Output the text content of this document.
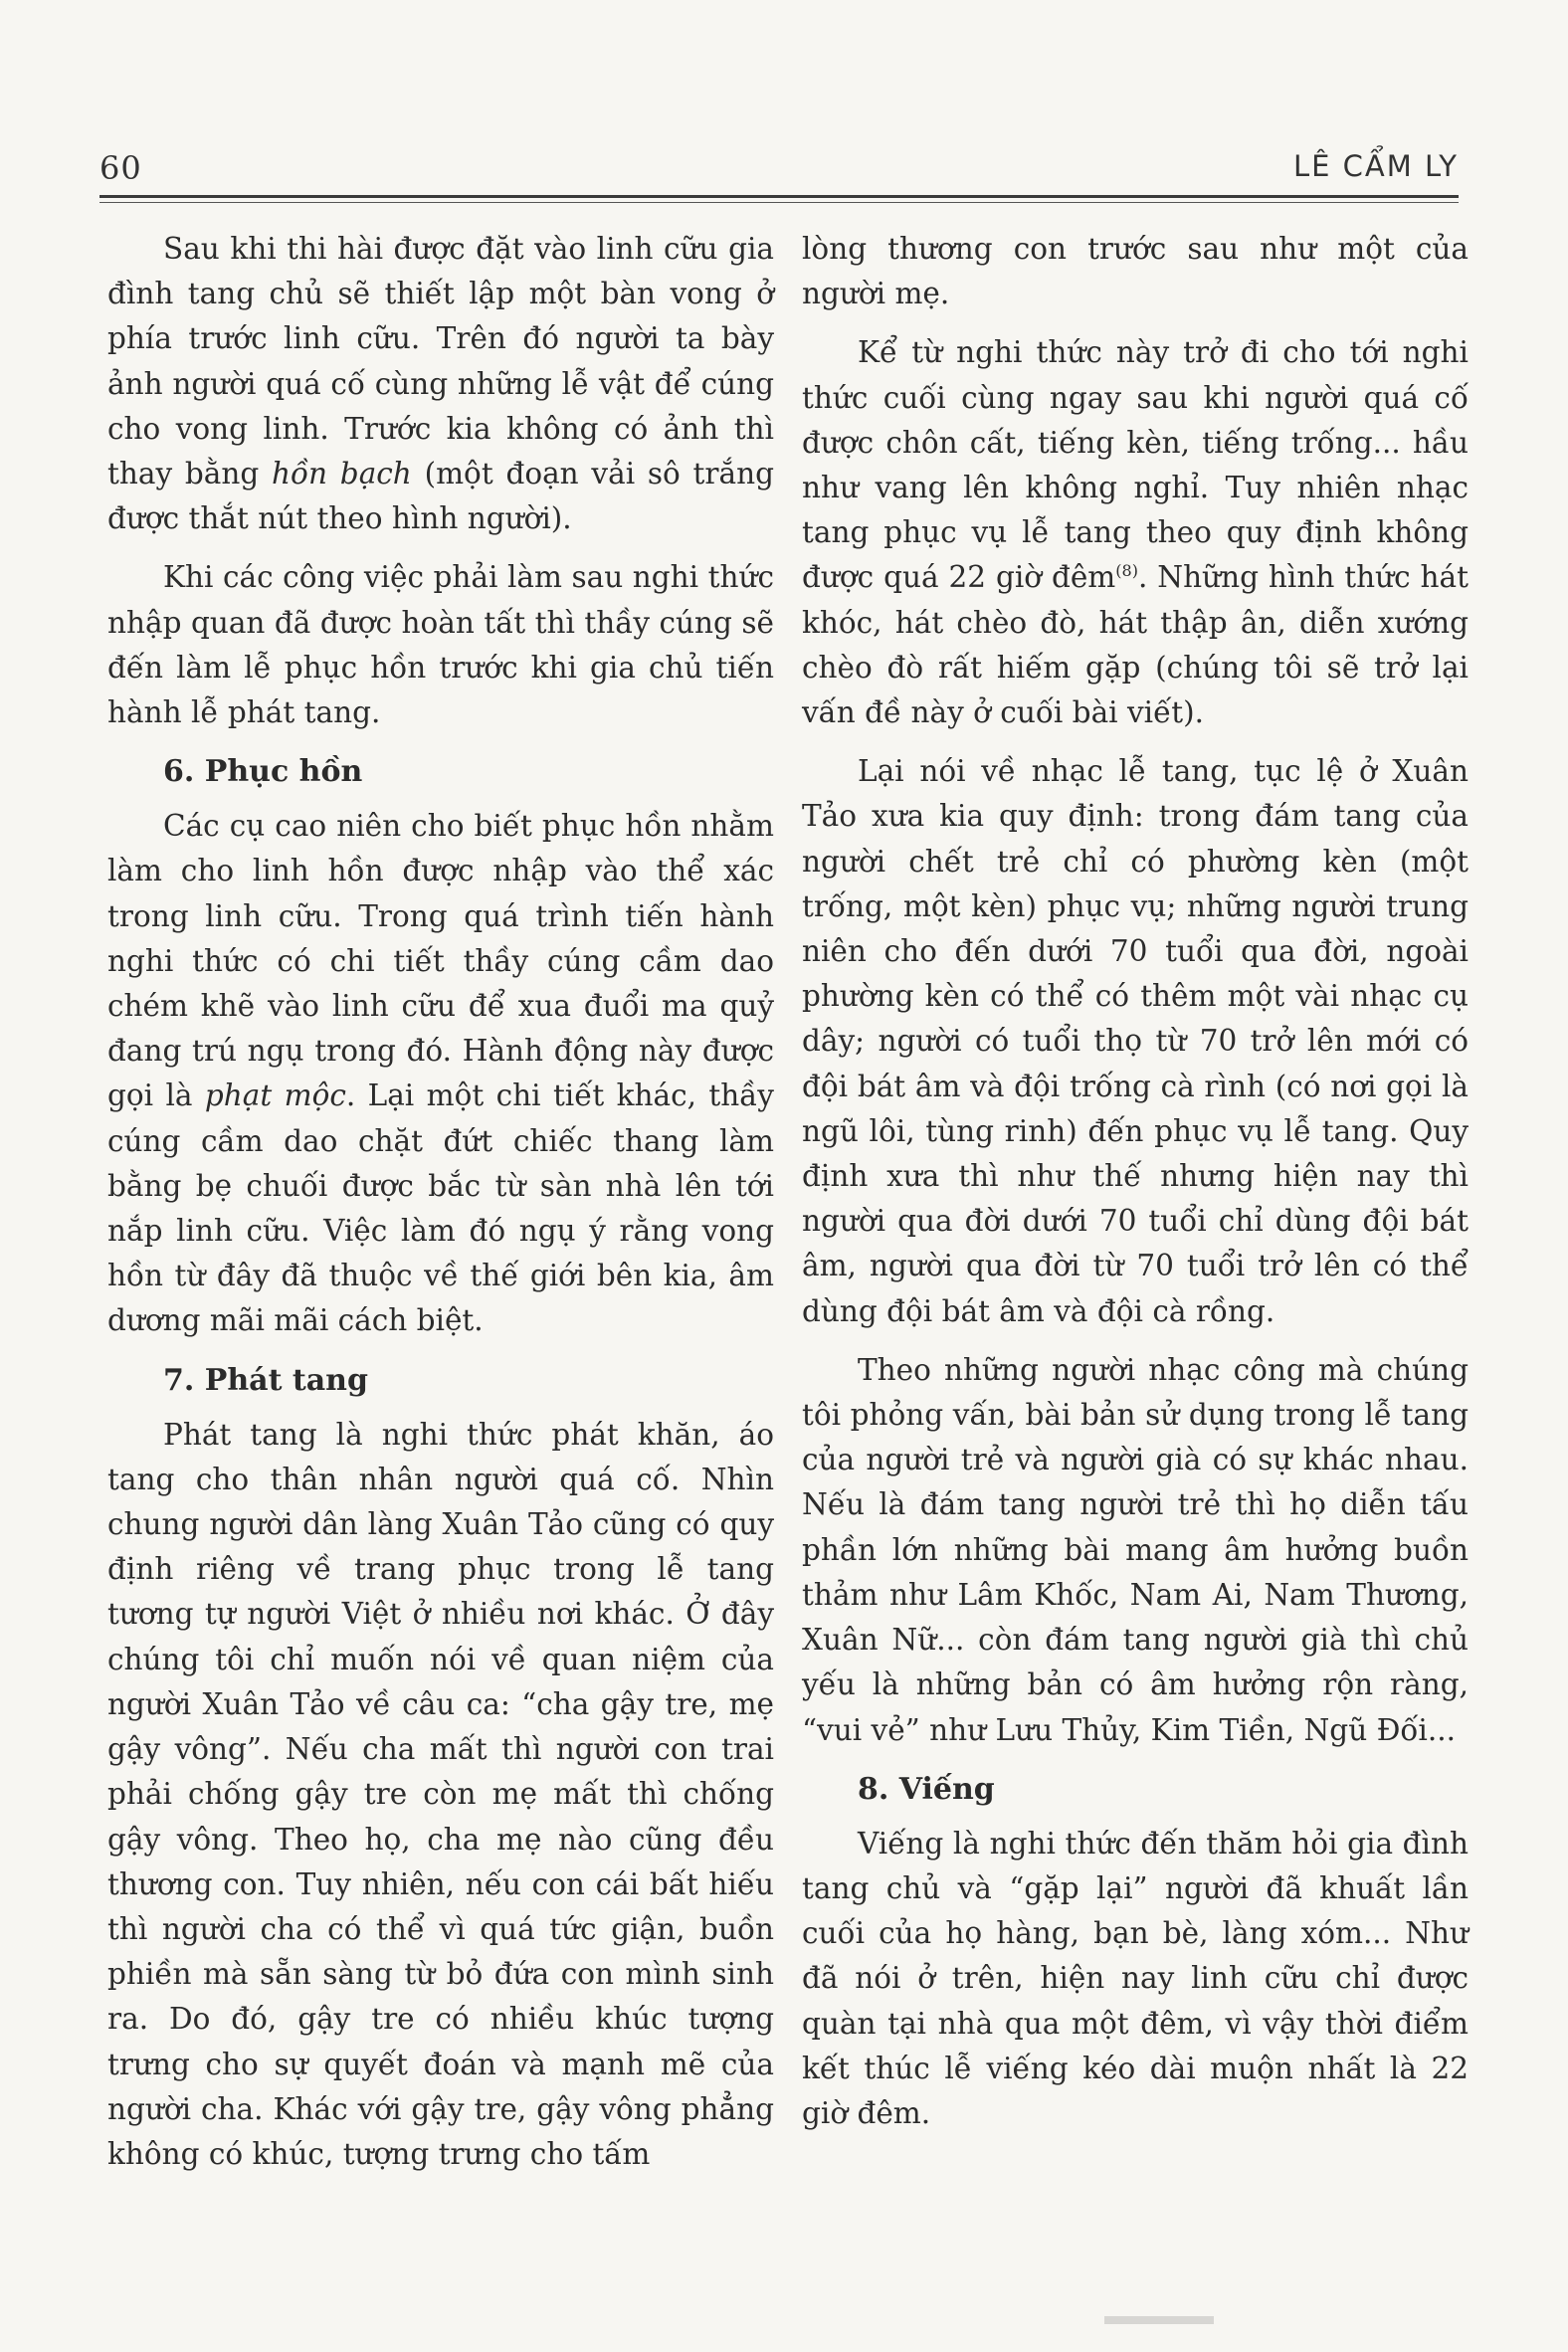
60	LÊ CẨM LY

Sau khi thi hài được đặt vào linh cữu gia đình tang chủ sẽ thiết lập một bàn vong ở phía trước linh cữu. Trên đó người ta bày ảnh người quá cố cùng những lễ vật để cúng cho vong linh. Trước kia không có ảnh thì thay bằng hồn bạch (một đoạn vải sô trắng được thắt nút theo hình người).

Khi các công việc phải làm sau nghi thức nhập quan đã được hoàn tất thì thầy cúng sẽ đến làm lễ phục hồn trước khi gia chủ tiến hành lễ phát tang.

6. Phục hồn

Các cụ cao niên cho biết phục hồn nhằm làm cho linh hồn được nhập vào thể xác trong linh cữu. Trong quá trình tiến hành nghi thức có chi tiết thầy cúng cầm dao chém khẽ vào linh cữu để xua đuổi ma quỷ đang trú ngụ trong đó. Hành động này được gọi là phạt mộc. Lại một chi tiết khác, thầy cúng cầm dao chặt đứt chiếc thang làm bằng bẹ chuối được bắc từ sàn nhà lên tới nắp linh cữu. Việc làm đó ngụ ý rằng vong hồn từ đây đã thuộc về thế giới bên kia, âm dương mãi mãi cách biệt.

7. Phát tang

Phát tang là nghi thức phát khăn, áo tang cho thân nhân người quá cố. Nhìn chung người dân làng Xuân Tảo cũng có quy định riêng về trang phục trong lễ tang tương tự người Việt ở nhiều nơi khác. Ở đây chúng tôi chỉ muốn nói về quan niệm của người Xuân Tảo về câu ca: “cha gậy tre, mẹ gậy vông”. Nếu cha mất thì người con trai phải chống gậy tre còn mẹ mất thì chống gậy vông. Theo họ, cha mẹ nào cũng đều thương con. Tuy nhiên, nếu con cái bất hiếu thì người cha có thể vì quá tức giận, buồn phiền mà sẵn sàng từ bỏ đứa con mình sinh ra. Do đó, gậy tre có nhiều khúc tượng trưng cho sự quyết đoán và mạnh mẽ của người cha. Khác với gậy tre, gậy vông phẳng không có khúc, tượng trưng cho tấm

lòng thương con trước sau như một của người mẹ.

Kể từ nghi thức này trở đi cho tới nghi thức cuối cùng ngay sau khi người quá cố được chôn cất, tiếng kèn, tiếng trống... hầu như vang lên không nghỉ. Tuy nhiên nhạc tang phục vụ lễ tang theo quy định không được quá 22 giờ đêm$^{(8)}$. Những hình thức hát khóc, hát chèo đò, hát thập ân, diễn xướng chèo đò rất hiếm gặp (chúng tôi sẽ trở lại vấn đề này ở cuối bài viết).

Lại nói về nhạc lễ tang, tục lệ ở Xuân Tảo xưa kia quy định: trong đám tang của người chết trẻ chỉ có phường kèn (một trống, một kèn) phục vụ; những người trung niên cho đến dưới 70 tuổi qua đời, ngoài phường kèn có thể có thêm một vài nhạc cụ dây; người có tuổi thọ từ 70 trở lên mới có đội bát âm và đội trống cà rình (có nơi gọi là ngũ lôi, tùng rinh) đến phục vụ lễ tang. Quy định xưa thì như thế nhưng hiện nay thì người qua đời dưới 70 tuổi chỉ dùng đội bát âm, người qua đời từ 70 tuổi trở lên có thể dùng đội bát âm và đội cà rồng.

Theo những người nhạc công mà chúng tôi phỏng vấn, bài bản sử dụng trong lễ tang của người trẻ và người già có sự khác nhau. Nếu là đám tang người trẻ thì họ diễn tấu phần lớn những bài mang âm hưởng buồn thảm như Lâm Khốc, Nam Ai, Nam Thương, Xuân Nữ... còn đám tang người già thì chủ yếu là những bản có âm hưởng rộn ràng, “vui vẻ” như Lưu Thủy, Kim Tiền, Ngũ Đối...

8. Viếng

Viếng là nghi thức đến thăm hỏi gia đình tang chủ và “gặp lại” người đã khuất lần cuối của họ hàng, bạn bè, làng xóm... Như đã nói ở trên, hiện nay linh cữu chỉ được quàn tại nhà qua một đêm, vì vậy thời điểm kết thúc lễ viếng kéo dài muộn nhất là 22 giờ đêm.
